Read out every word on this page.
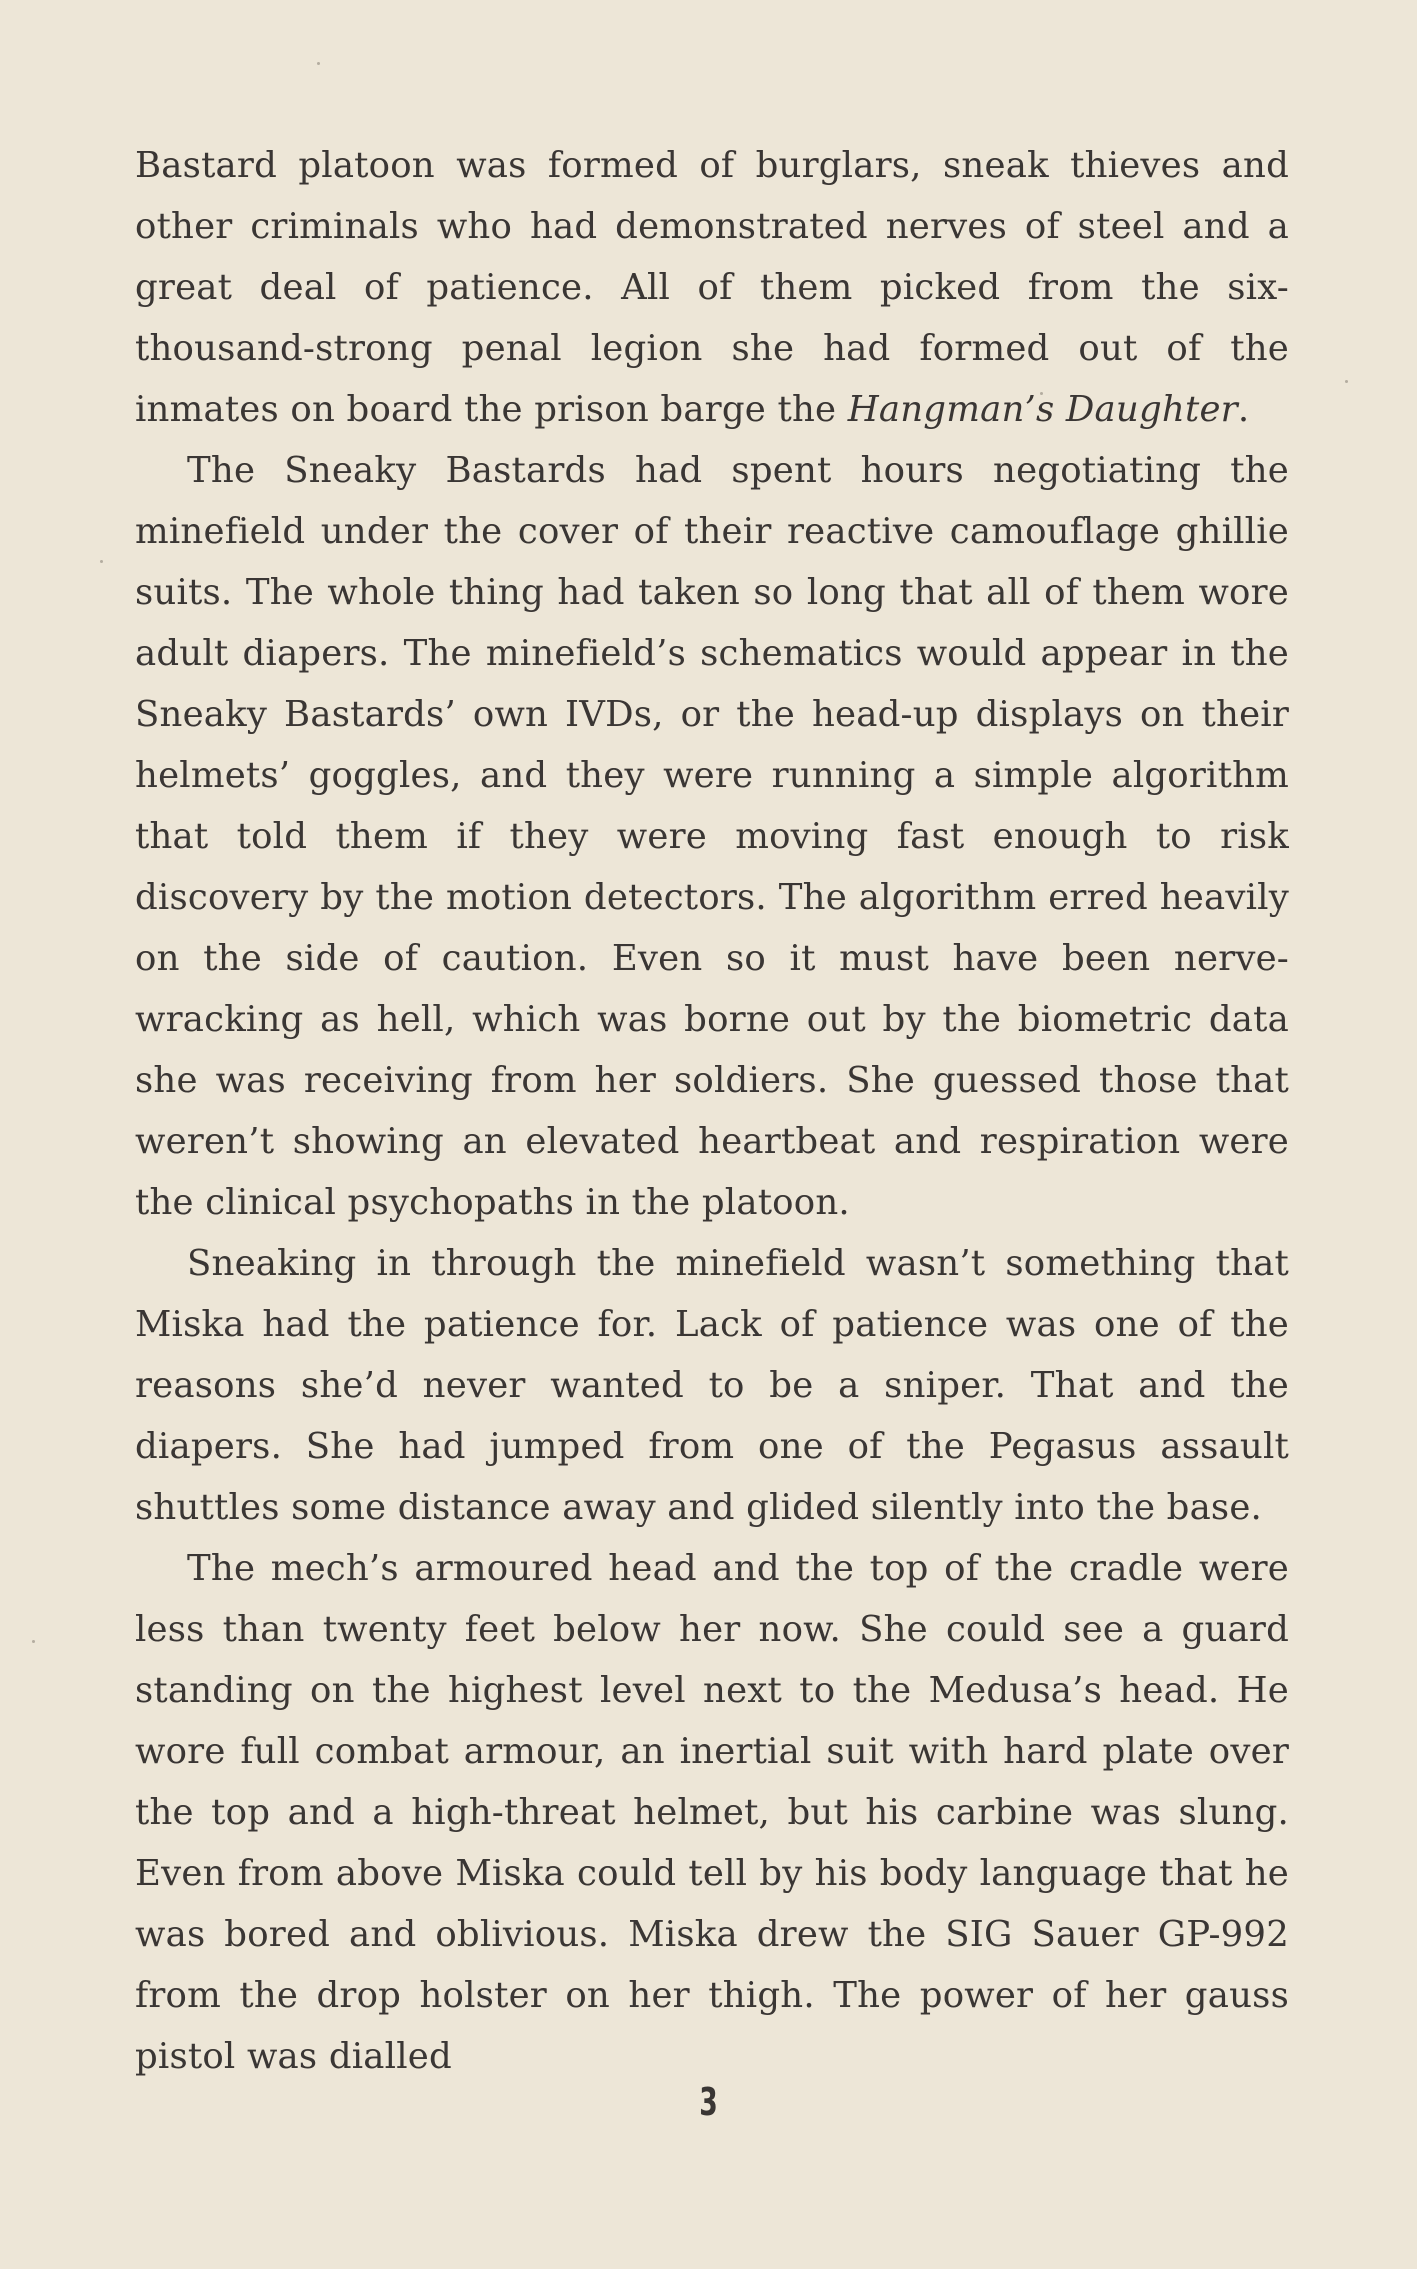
Bastard platoon was formed of burglars, sneak thieves and other criminals who had demonstrated nerves of steel and a great deal of patience. All of them picked from the six-thousand-strong penal legion she had formed out of the inmates on board the prison barge the Hangman’s Daughter.

The Sneaky Bastards had spent hours negotiating the minefield under the cover of their reactive camouflage ghillie suits. The whole thing had taken so long that all of them wore adult diapers. The minefield’s schematics would appear in the Sneaky Bastards’ own IVDs, or the head-up displays on their helmets’ goggles, and they were running a simple algorithm that told them if they were moving fast enough to risk discovery by the motion detectors. The algorithm erred heavily on the side of caution. Even so it must have been nerve-wracking as hell, which was borne out by the biometric data she was receiving from her soldiers. She guessed those that weren’t showing an elevated heartbeat and respiration were the clinical psychopaths in the platoon.

Sneaking in through the minefield wasn’t something that Miska had the patience for. Lack of patience was one of the reasons she’d never wanted to be a sniper. That and the diapers. She had jumped from one of the Pegasus assault shuttles some distance away and glided silently into the base.

The mech’s armoured head and the top of the cradle were less than twenty feet below her now. She could see a guard standing on the highest level next to the Medusa’s head. He wore full combat armour, an inertial suit with hard plate over the top and a high-threat helmet, but his carbine was slung. Even from above Miska could tell by his body language that he was bored and oblivious. Miska drew the SIG Sauer GP-992 from the drop holster on her thigh. The power of her gauss pistol was dialled

3
